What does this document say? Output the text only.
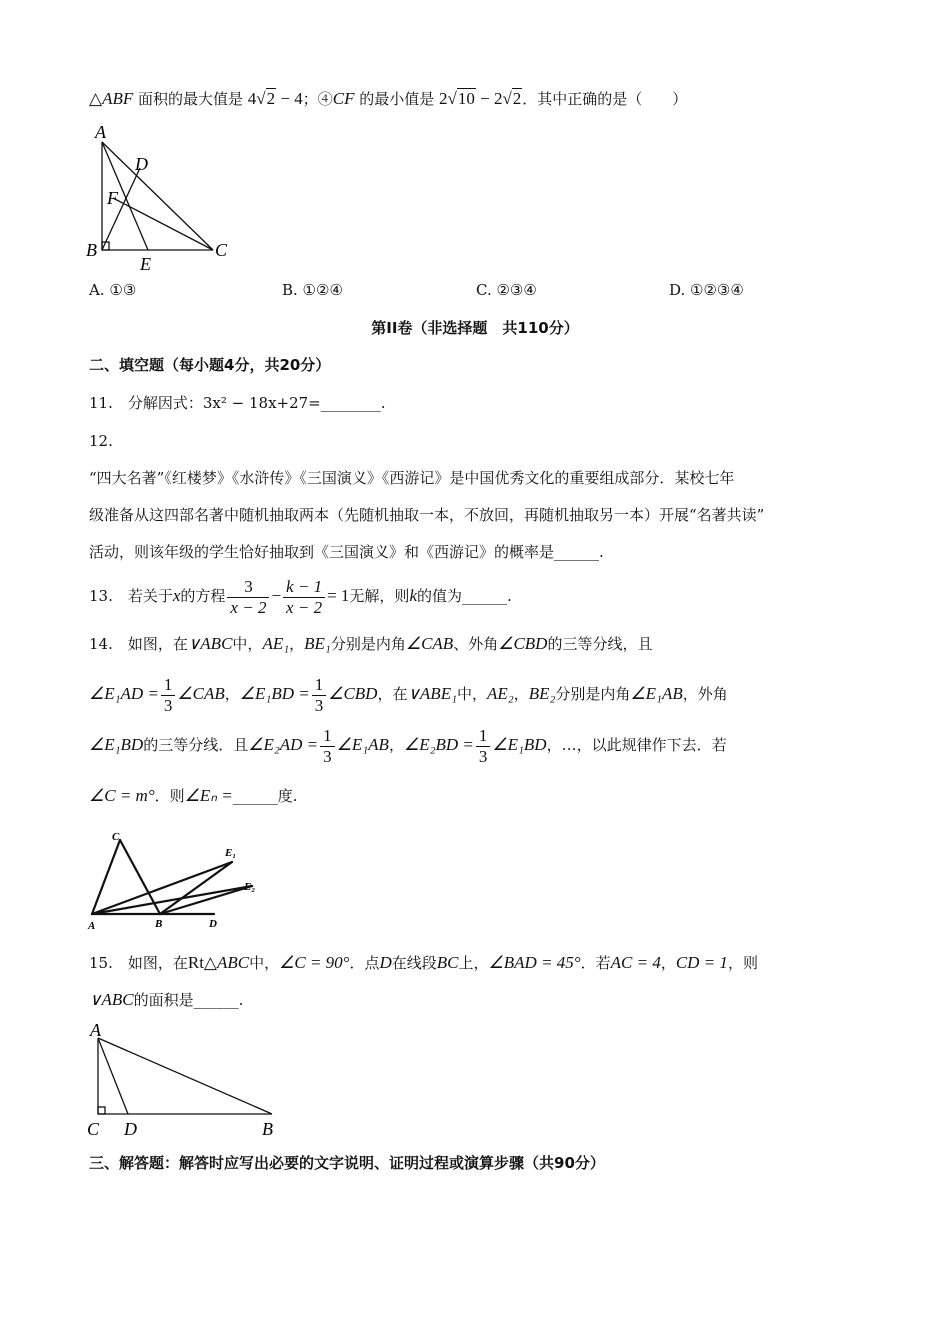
△ABF 面积的最大值是 4√2 − 4；④CF 的最小值是 2√10 − 2√2．其中正确的是（　　）
A
D
F
B
E
C
A. ①③	B. ①②④	C. ②③④	D. ①②③④
第II卷（非选择题　共110分）
二、填空题（每小题4分，共20分）
11.　分解因式：3x² − 18x+27=________.
12.
“四大名著”《红楼梦》《水浒传》《三国演义》《西游记》是中国优秀文化的重要组成部分．某校七年
级准备从这四部名著中随机抽取两本（先随机抽取一本，不放回，再随机抽取另一本）开展“名著共读”
活动，则该年级的学生恰好抽取到《三国演义》和《西游记》的概率是______.
13.　若关于x的方程 $\frac{3}{x - 2} - \frac{k - 1}{x - 2} = 1$无解，则k的值为______.
14.　如图，在∨ABC中，AE₁，BE₁分别是内角∠CAB、外角∠CBD的三等分线，且
∠E₁AD = $\frac{1}{3}$ ∠CAB，∠E₁BD = $\frac{1}{3}$ ∠CBD，在∨ABE₁中，AE₂，BE₂分别是内角∠E₁AB，外角
∠E₁BD的三等分线．且∠E₂AD = $\frac{1}{3}$ ∠E₁AB，∠E₂BD = $\frac{1}{3}$ ∠E₁BD，…，以此规律作下去．若
∠C = m°．则∠Eₙ =______度.
C
E₁
E₂
A	B	D
15.　如图，在Rt△ABC中，∠C = 90°．点D在线段BC上，∠BAD = 45°．若AC = 4，CD = 1，则
∨ABC的面积是______.
A
C D	B
三、解答题：解答时应写出必要的文字说明、证明过程或演算步骤（共90分）
